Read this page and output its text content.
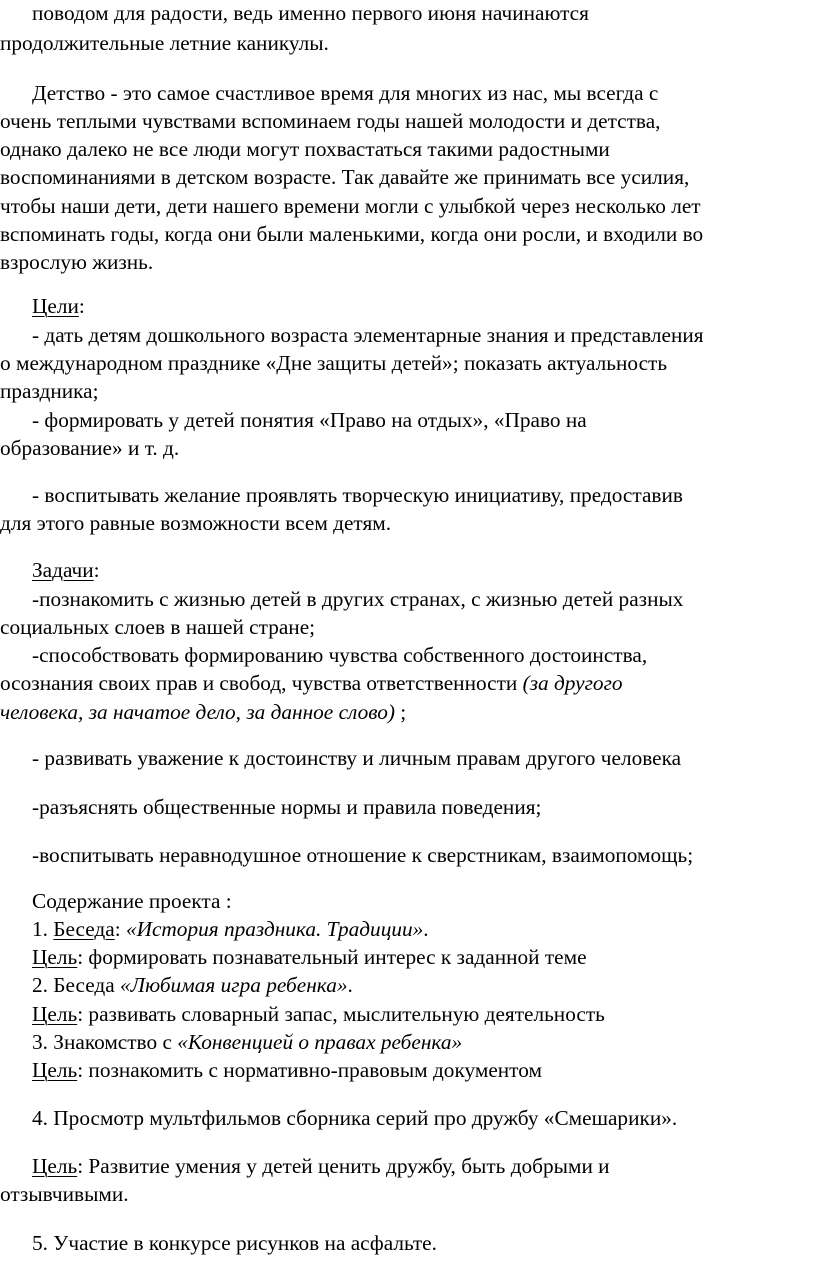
поводом для радости, ведь именно первого июня начинаются
продолжительные летние каникулы.
Детство - это самое счастливое время для многих из нас, мы всегда с
очень теплыми чувствами вспоминаем годы нашей молодости и детства,
однако далеко не все люди могут похвастаться такими радостными
воспоминаниями в детском возрасте. Так давайте же принимать все усилия,
чтобы наши дети, дети нашего времени могли с улыбкой через несколько лет
вспоминать годы, когда они были маленькими, когда они росли, и входили во
взрослую жизнь.
Цели:
- дать детям дошкольного возраста элементарные знания и представления
о международном празднике «Дне защиты детей»; показать актуальность
праздника;
- формировать у детей понятия «Право на отдых», «Право на
образование» и т. д.
- воспитывать желание проявлять творческую инициативу, предоставив
для этого равные возможности всем детям.
Задачи:
-познакомить с жизнью детей в других странах, с жизнью детей разных
социальных слоев в нашей стране;
-способствовать формированию чувства собственного достоинства,
осознания своих прав и свобод, чувства ответственности (за другого
человека, за начатое дело, за данное слово) ;
- развивать уважение к достоинству и личным правам другого человека
-разъяснять общественные нормы и правила поведения;
-воспитывать неравнодушное отношение к сверстникам, взаимопомощь;
Содержание проекта :
1. Беседа: «История праздника. Традиции».
Цель: формировать познавательный интерес к заданной теме
2. Беседа «Любимая игра ребенка».
Цель: развивать словарный запас, мыслительную деятельность
3. Знакомство с «Конвенцией о правах ребенка»
Цель: познакомить с нормативно-правовым документом
4. Просмотр мультфильмов сборника серий про дружбу «Смешарики».
Цель: Развитие умения у детей ценить дружбу, быть добрыми и
отзывчивыми.
5. Участие в конкурсе рисунков на асфальте.
